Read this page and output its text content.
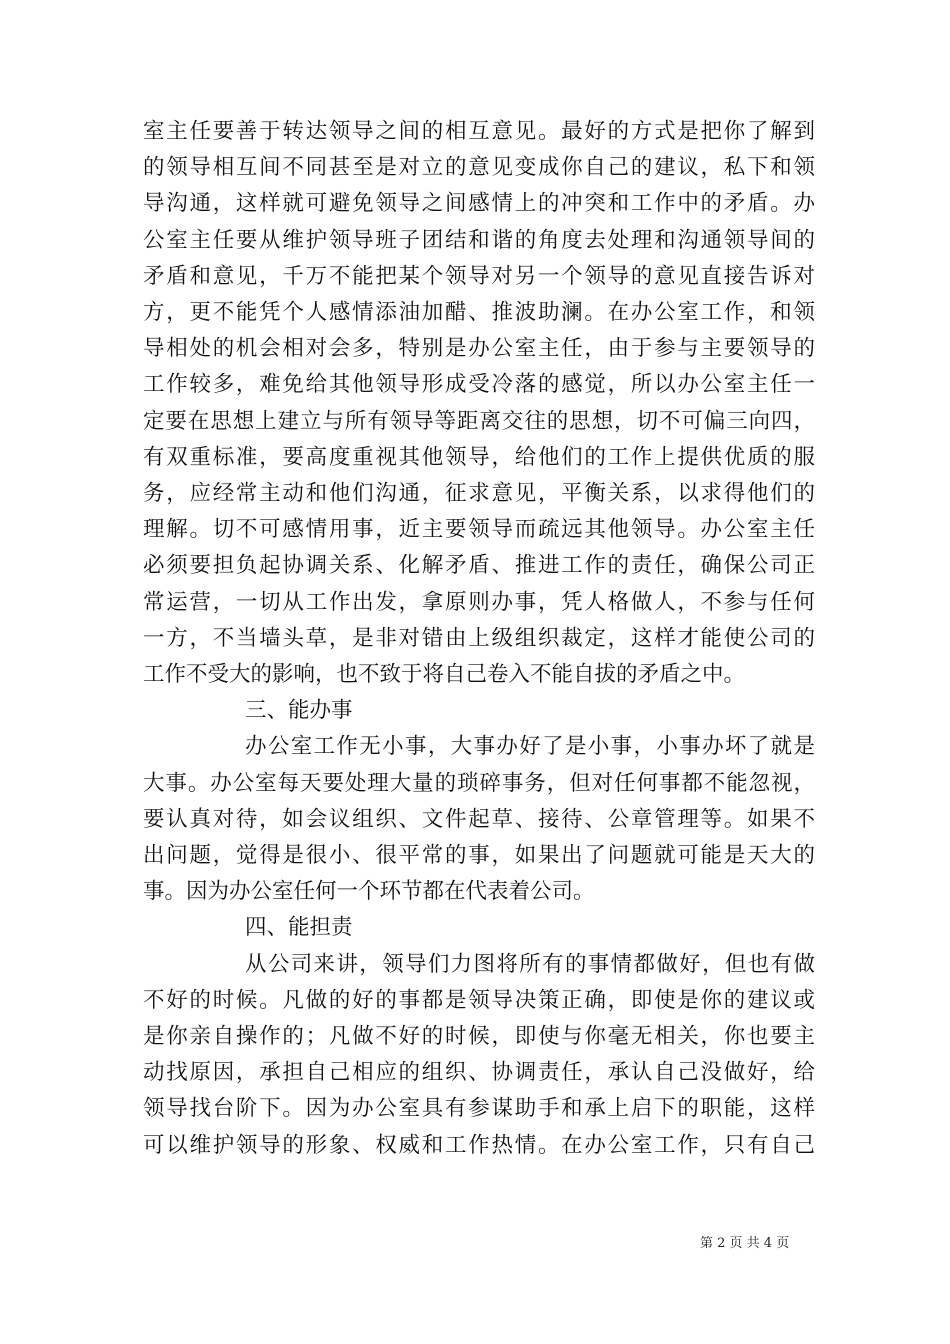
室主任要善于转达领导之间的相互意见。最好的方式是把你了解到
的领导相互间不同甚至是对立的意见变成你自己的建议，私下和领
导沟通，这样就可避免领导之间感情上的冲突和工作中的矛盾。办
公室主任要从维护领导班子团结和谐的角度去处理和沟通领导间的
矛盾和意见，千万不能把某个领导对另一个领导的意见直接告诉对
方，更不能凭个人感情添油加醋、推波助澜。在办公室工作，和领
导相处的机会相对会多，特别是办公室主任，由于参与主要领导的
工作较多，难免给其他领导形成受冷落的感觉，所以办公室主任一
定要在思想上建立与所有领导等距离交往的思想，切不可偏三向四，
有双重标准，要高度重视其他领导，给他们的工作上提供优质的服
务，应经常主动和他们沟通，征求意见，平衡关系，以求得他们的
理解。切不可感情用事，近主要领导而疏远其他领导。办公室主任
必须要担负起协调关系、化解矛盾、推进工作的责任，确保公司正
常运营，一切从工作出发，拿原则办事，凭人格做人，不参与任何
一方，不当墙头草，是非对错由上级组织裁定，这样才能使公司的
工作不受大的影响，也不致于将自己卷入不能自拔的矛盾之中。
三、能办事
办公室工作无小事，大事办好了是小事，小事办坏了就是
大事。办公室每天要处理大量的琐碎事务，但对任何事都不能忽视，
要认真对待，如会议组织、文件起草、接待、公章管理等。如果不
出问题，觉得是很小、很平常的事，如果出了问题就可能是天大的
事。因为办公室任何一个环节都在代表着公司。
四、能担责
从公司来讲，领导们力图将所有的事情都做好，但也有做
不好的时候。凡做的好的事都是领导决策正确，即使是你的建议或
是你亲自操作的；凡做不好的时候，即使与你毫无相关，你也要主
动找原因，承担自己相应的组织、协调责任，承认自己没做好，给
领导找台阶下。因为办公室具有参谋助手和承上启下的职能，这样
第 2 页 共 4 页
可以维护领导的形象、权威和工作热情。在办公室工作，只有自己
